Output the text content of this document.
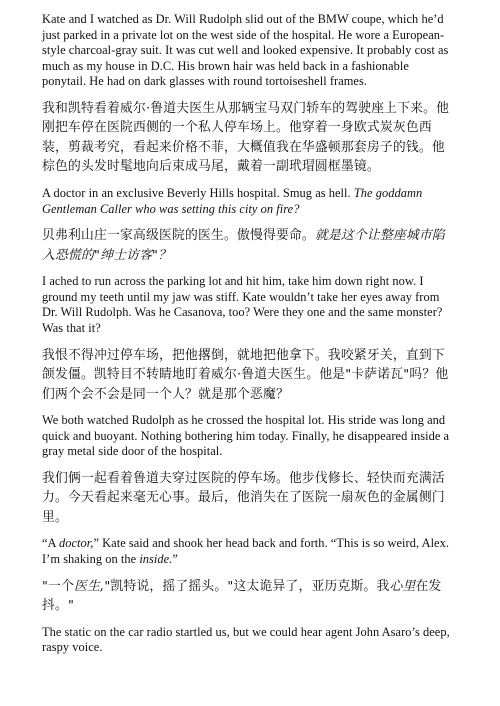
Kate and I watched as Dr. Will Rudolph slid out of the BMW coupe, which he’d just parked in a private lot on the west side of the hospital. He wore a European-style charcoal-gray suit. It was cut well and looked expensive. It probably cost as much as my house in D.C. His brown hair was held back in a fashionable ponytail. He had on dark glasses with round tortoiseshell frames.

我和凯特看着威尔·鲁道夫医生从那辆宝马双门轿车的驾驶座上下来。他刚把车停在医院西侧的一个私人停车场上。他穿着一身欧式炭灰色西装，剪裁考究，看起来价格不菲，大概值我在华盛顿那套房子的钱。他棕色的头发时髦地向后束成马尾，戴着一副玳瑁圆框墨镜。

A doctor in an exclusive Beverly Hills hospital. Smug as hell. The goddamn Gentleman Caller who was setting this city on fire?

贝弗利山庄一家高级医院的医生。傲慢得要命。就是这个让整座城市陷入恐慌的"绅士访客"？

I ached to run across the parking lot and hit him, take him down right now. I ground my teeth until my jaw was stiff. Kate wouldn’t take her eyes away from Dr. Will Rudolph. Was he Casanova, too? Were they one and the same monster? Was that it?

我恨不得冲过停车场，把他撂倒，就地把他拿下。我咬紧牙关，直到下颌发僵。凯特目不转睛地盯着威尔·鲁道夫医生。他是"卡萨诺瓦"吗？他们两个会不会是同一个人？就是那个恶魔？

We both watched Rudolph as he crossed the hospital lot. His stride was long and quick and buoyant. Nothing bothering him today. Finally, he disappeared inside a gray metal side door of the hospital.

我们俩一起看着鲁道夫穿过医院的停车场。他步伐修长、轻快而充满活力。今天看起来毫无心事。最后，他消失在了医院一扇灰色的金属侧门里。

“A doctor,” Kate said and shook her head back and forth. “This is so weird, Alex. I’m shaking on the inside.”

"一个医生,"凯特说，摇了摇头。"这太诡异了，亚历克斯。我心里在发抖。"

The static on the car radio startled us, but we could hear agent John Asaro’s deep, raspy voice.
